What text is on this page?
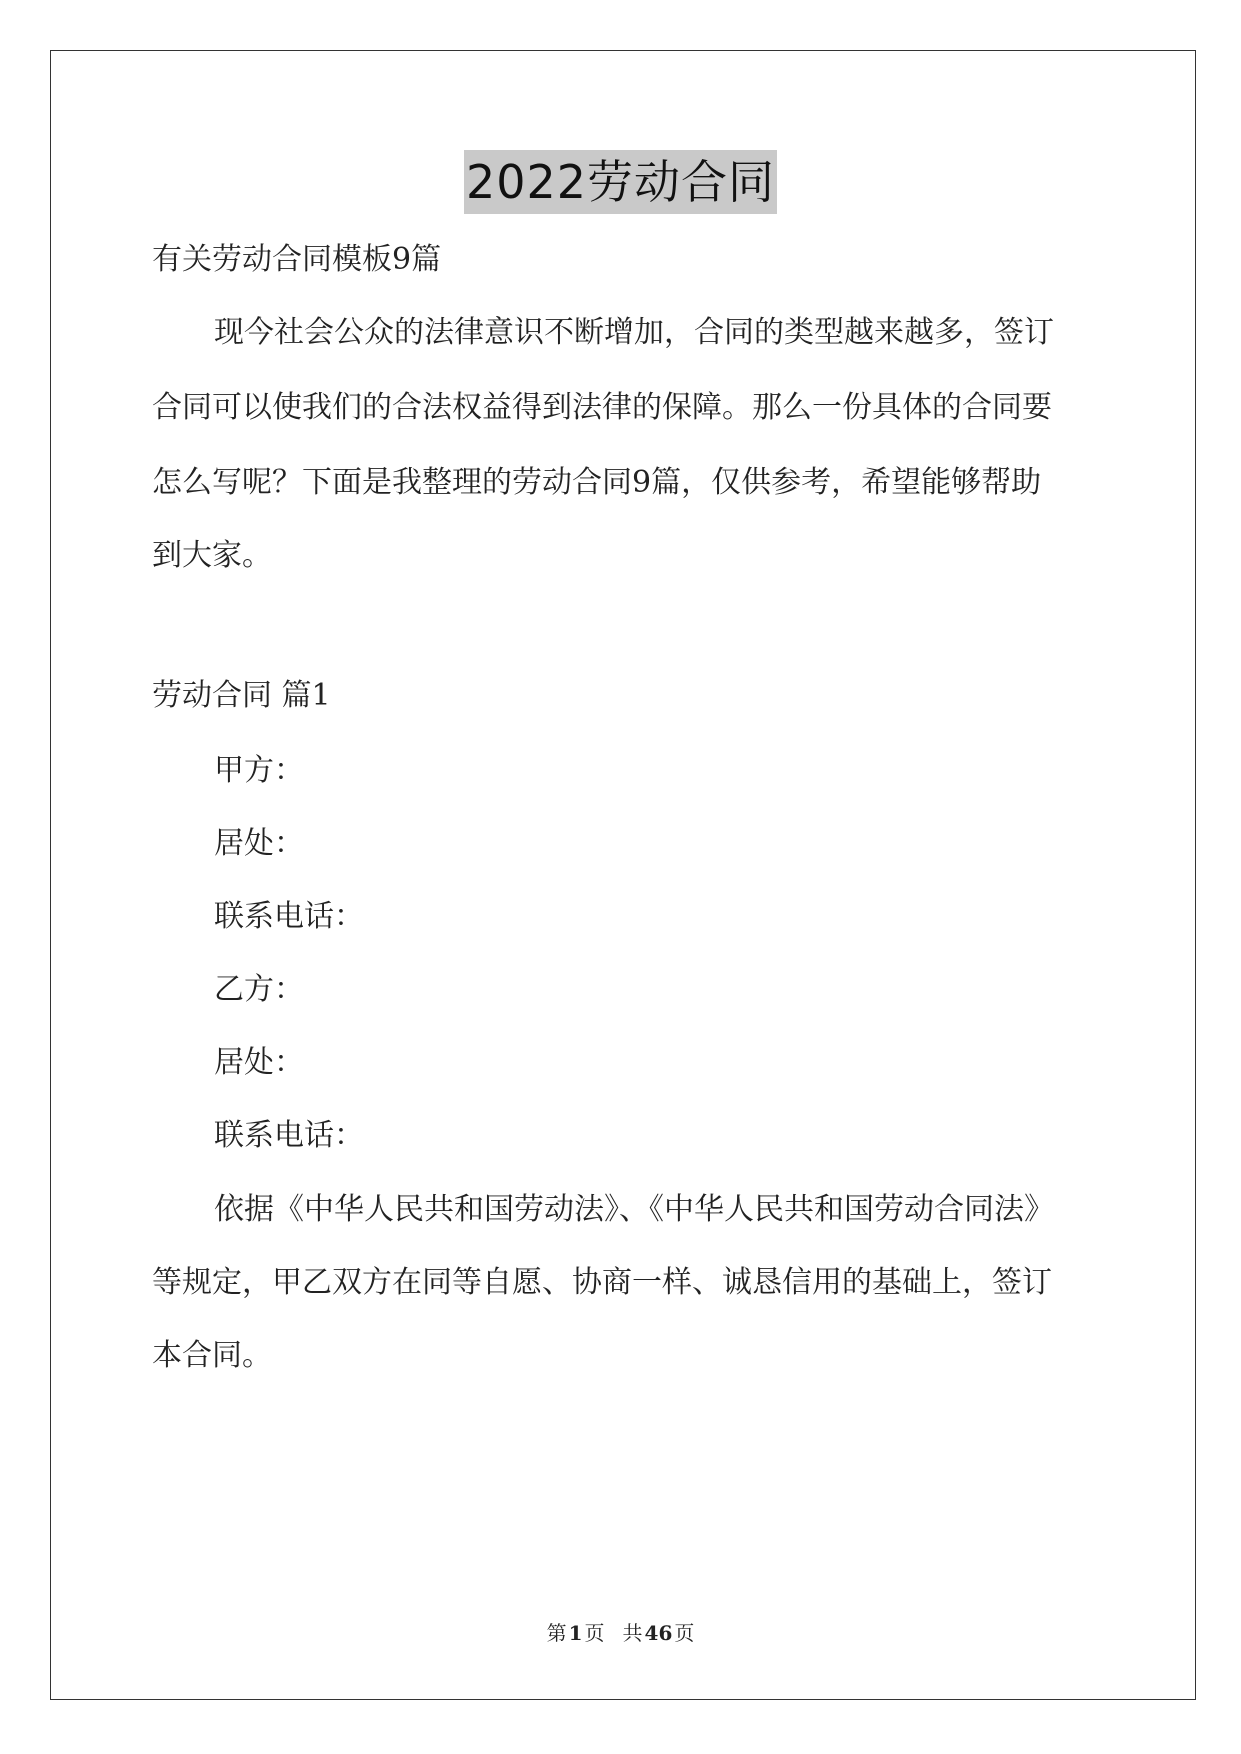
2022劳动合同
有关劳动合同模板9篇
现今社会公众的法律意识不断增加，合同的类型越来越多，签订
合同可以使我们的合法权益得到法律的保障。那么一份具体的合同要
怎么写呢？下面是我整理的劳动合同9篇，仅供参考，希望能够帮助
到大家。
劳动合同 篇1
甲方：
居处：
联系电话：
乙方：
居处：
联系电话：
依据《中华人民共和国劳动法》、《中华人民共和国劳动合同法》
等规定，甲乙双方在同等自愿、协商一样、诚恳信用的基础上，签订
本合同。
第 1 页 共 46 页
